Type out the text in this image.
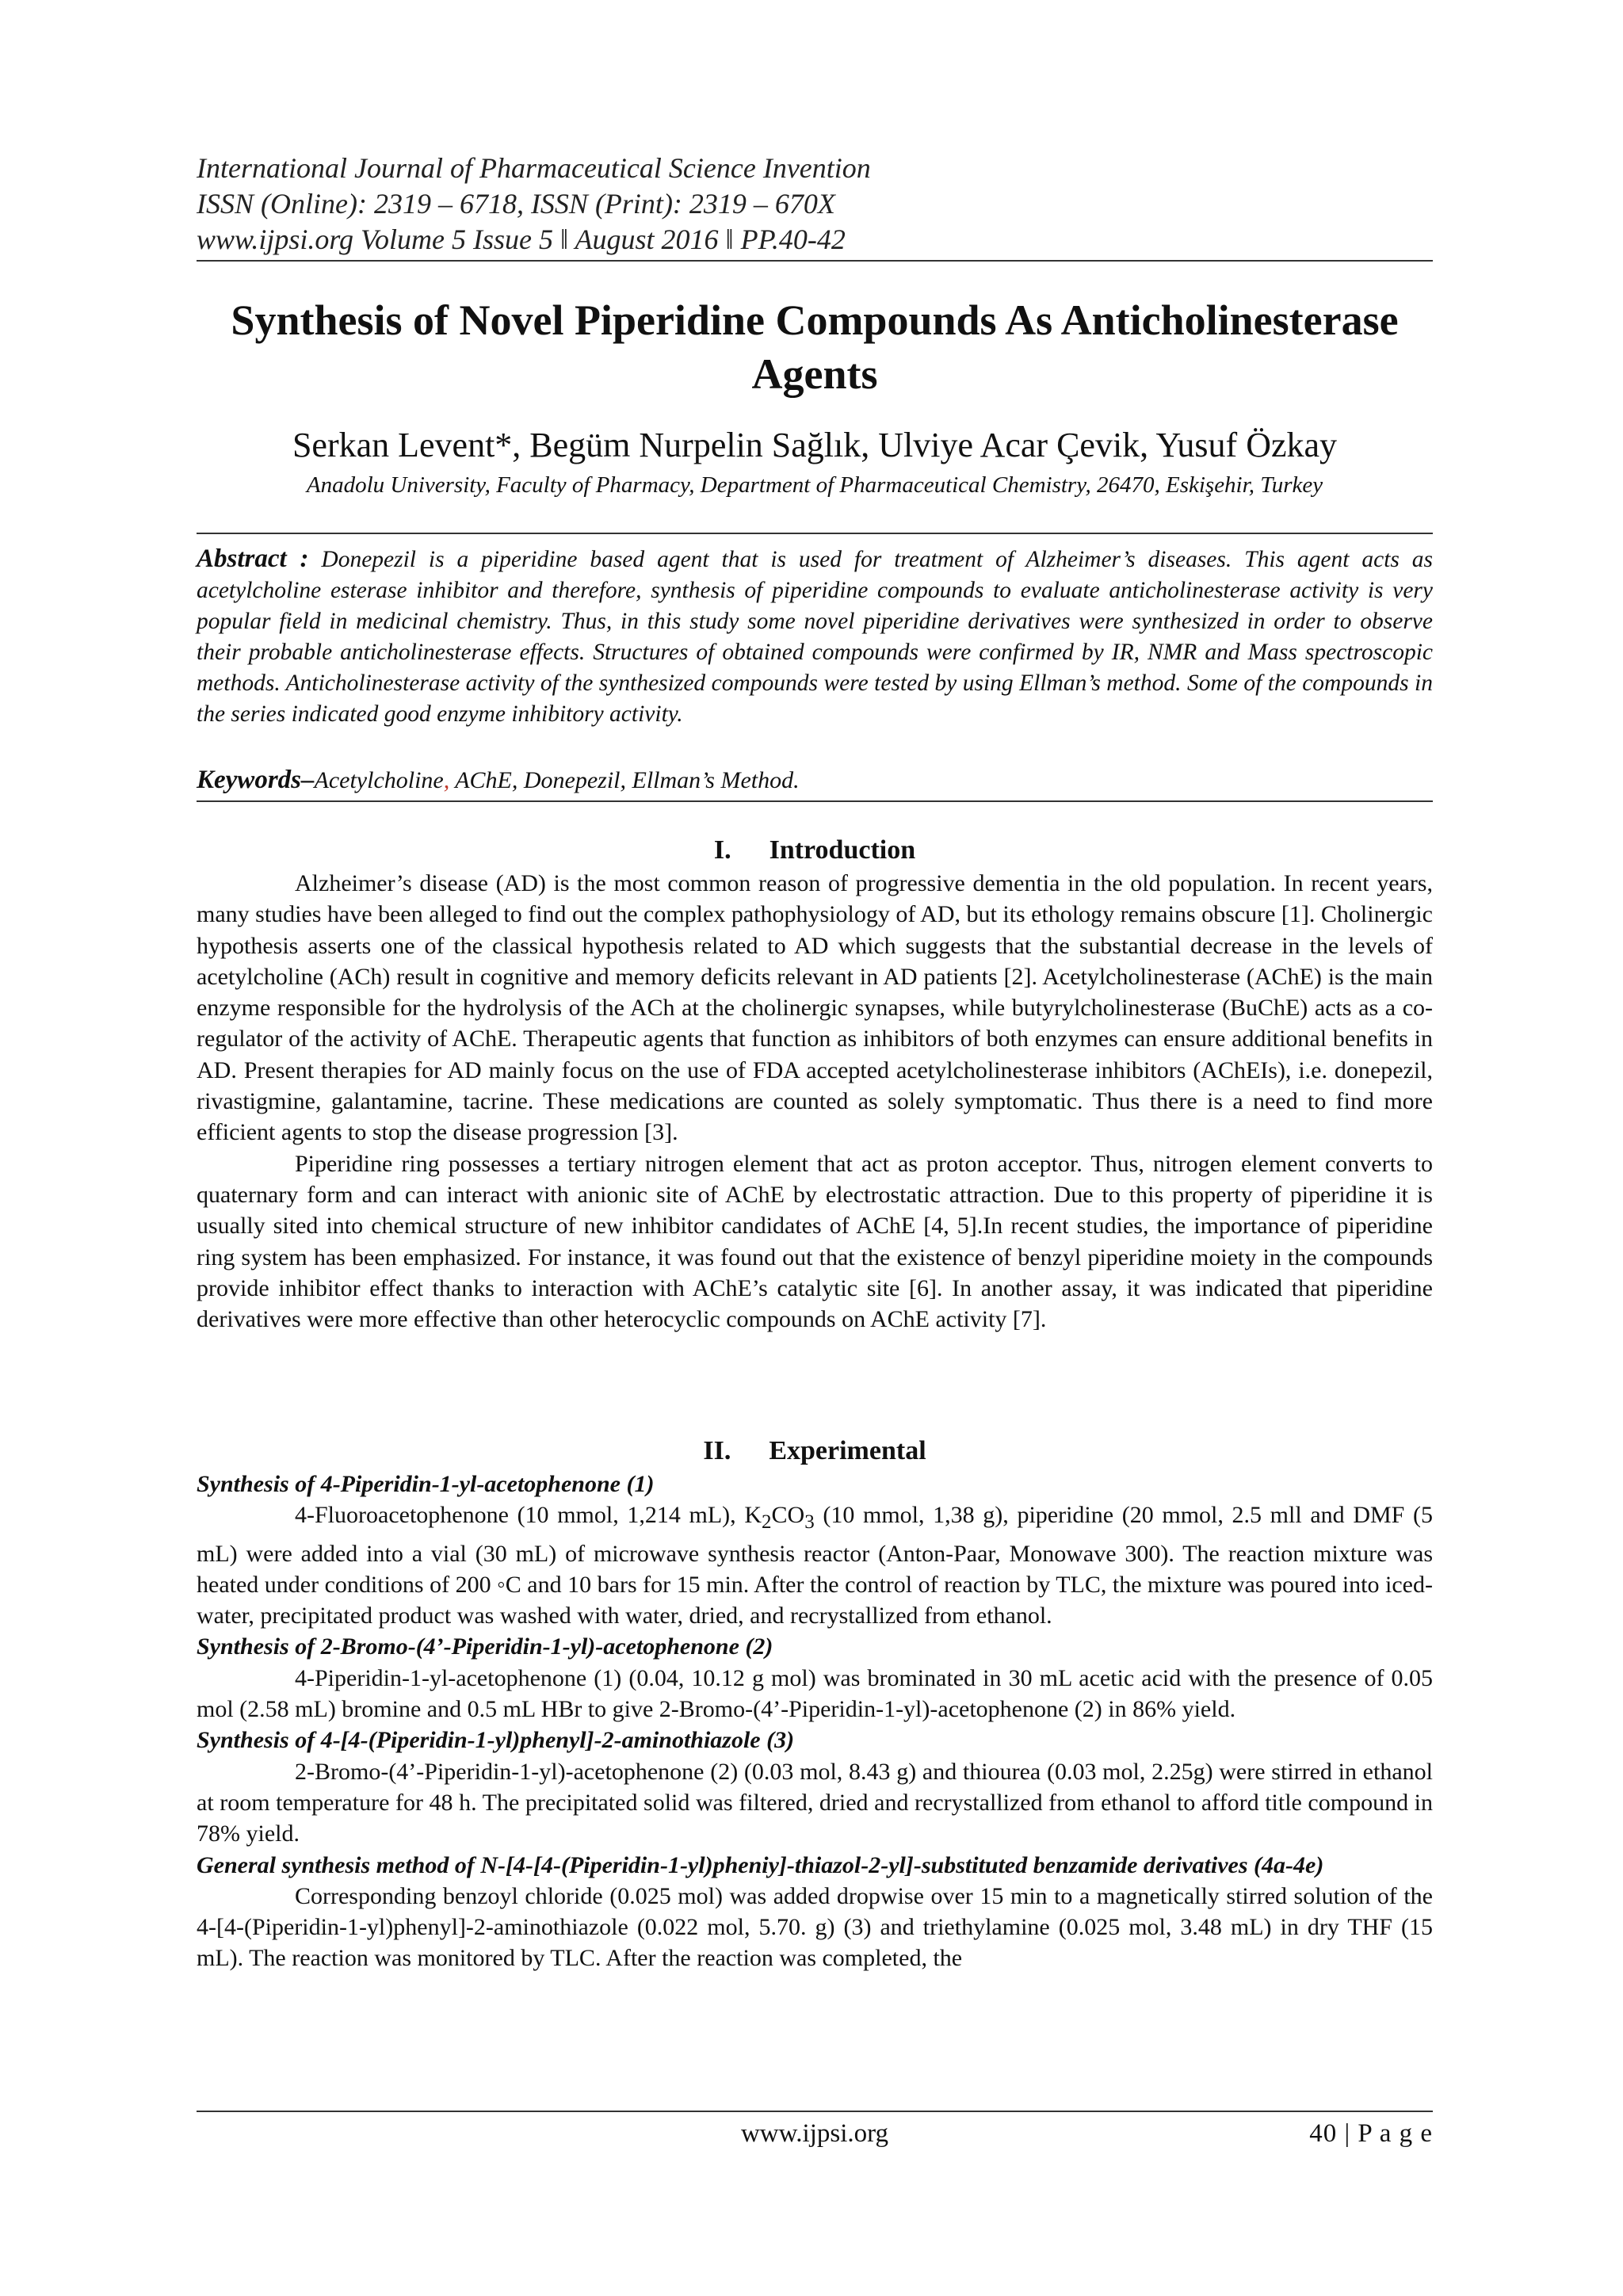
International Journal of Pharmaceutical Science Invention
ISSN (Online): 2319 – 6718, ISSN (Print): 2319 – 670X
www.ijpsi.org Volume 5 Issue 5 ǁ August 2016 ǁ PP.40-42
Synthesis of Novel Piperidine Compounds As Anticholinesterase Agents
Serkan Levent*, Begüm Nurpelin Sağlık, Ulviye Acar Çevik, Yusuf Özkay
Anadolu University, Faculty of Pharmacy, Department of Pharmaceutical Chemistry, 26470, Eskişehir, Turkey
Abstract : Donepezil is a piperidine based agent that is used for treatment of Alzheimer’s diseases. This agent acts as acetylcholine esterase inhibitor and therefore, synthesis of piperidine compounds to evaluate anticholinesterase activity is very popular field in medicinal chemistry. Thus, in this study some novel piperidine derivatives were synthesized in order to observe their probable anticholinesterase effects. Structures of obtained compounds were confirmed by IR, NMR and Mass spectroscopic methods. Anticholinesterase activity of the synthesized compounds were tested by using Ellman’s method. Some of the compounds in the series indicated good enzyme inhibitory activity.
Keywords–Acetylcholine, AChE, Donepezil, Ellman’s Method.
I. Introduction

Alzheimer’s disease (AD) is the most common reason of progressive dementia in the old population. In recent years, many studies have been alleged to find out the complex pathophysiology of AD, but its ethology remains obscure [1]. Cholinergic hypothesis asserts one of the classical hypothesis related to AD which suggests that the substantial decrease in the levels of acetylcholine (ACh) result in cognitive and memory deficits relevant in AD patients [2]. Acetylcholinesterase (AChE) is the main enzyme responsible for the hydrolysis of the ACh at the cholinergic synapses, while butyrylcholinesterase (BuChE) acts as a co-regulator of the activity of AChE. Therapeutic agents that function as inhibitors of both enzymes can ensure additional benefits in AD. Present therapies for AD mainly focus on the use of FDA accepted acetylcholinesterase inhibitors (AChEIs), i.e. donepezil, rivastigmine, galantamine, tacrine. These medications are counted as solely symptomatic. Thus there is a need to find more efficient agents to stop the disease progression [3].

Piperidine ring possesses a tertiary nitrogen element that act as proton acceptor. Thus, nitrogen element converts to quaternary form and can interact with anionic site of AChE by electrostatic attraction. Due to this property of piperidine it is usually sited into chemical structure of new inhibitor candidates of AChE [4, 5].In recent studies, the importance of piperidine ring system has been emphasized. For instance, it was found out that the existence of benzyl piperidine moiety in the compounds provide inhibitor effect thanks to interaction with AChE’s catalytic site [6]. In another assay, it was indicated that piperidine derivatives were more effective than other heterocyclic compounds on AChE activity [7].

II. Experimental

Synthesis of 4-Piperidin-1-yl-acetophenone (1)

4-Fluoroacetophenone (10 mmol, 1,214 mL), $K_2CO_3$ (10 mmol, 1,38 g), piperidine (20 mmol, 2.5 mll and DMF (5 mL) were added into a vial (30 mL) of microwave synthesis reactor (Anton-Paar, Monowave 300). The reaction mixture was heated under conditions of 200 ◦C and 10 bars for 15 min. After the control of reaction by TLC, the mixture was poured into iced-water, precipitated product was washed with water, dried, and recrystallized from ethanol.

Synthesis of 2-Bromo-(4’-Piperidin-1-yl)-acetophenone (2)

4-Piperidin-1-yl-acetophenone (1) (0.04, 10.12 g mol) was brominated in 30 mL acetic acid with the presence of 0.05 mol (2.58 mL) bromine and 0.5 mL HBr to give 2-Bromo-(4’-Piperidin-1-yl)-acetophenone (2) in 86% yield.

Synthesis of 4-[4-(Piperidin-1-yl)phenyl]-2-aminothiazole (3)

2-Bromo-(4’-Piperidin-1-yl)-acetophenone (2) (0.03 mol, 8.43 g) and thiourea (0.03 mol, 2.25g) were stirred in ethanol at room temperature for 48 h. The precipitated solid was filtered, dried and recrystallized from ethanol to afford title compound in 78% yield.

General synthesis method of N-[4-[4-(Piperidin-1-yl)pheniy]-thiazol-2-yl]-substituted benzamide derivatives (4a-4e)

Corresponding benzoyl chloride (0.025 mol) was added dropwise over 15 min to a magnetically stirred solution of the 4-[4-(Piperidin-1-yl)phenyl]-2-aminothiazole (0.022 mol, 5.70. g) (3) and triethylamine (0.025 mol, 3.48 mL) in dry THF (15 mL). The reaction was monitored by TLC. After the reaction was completed, the

www.ijpsi.org	40 | P a g e
